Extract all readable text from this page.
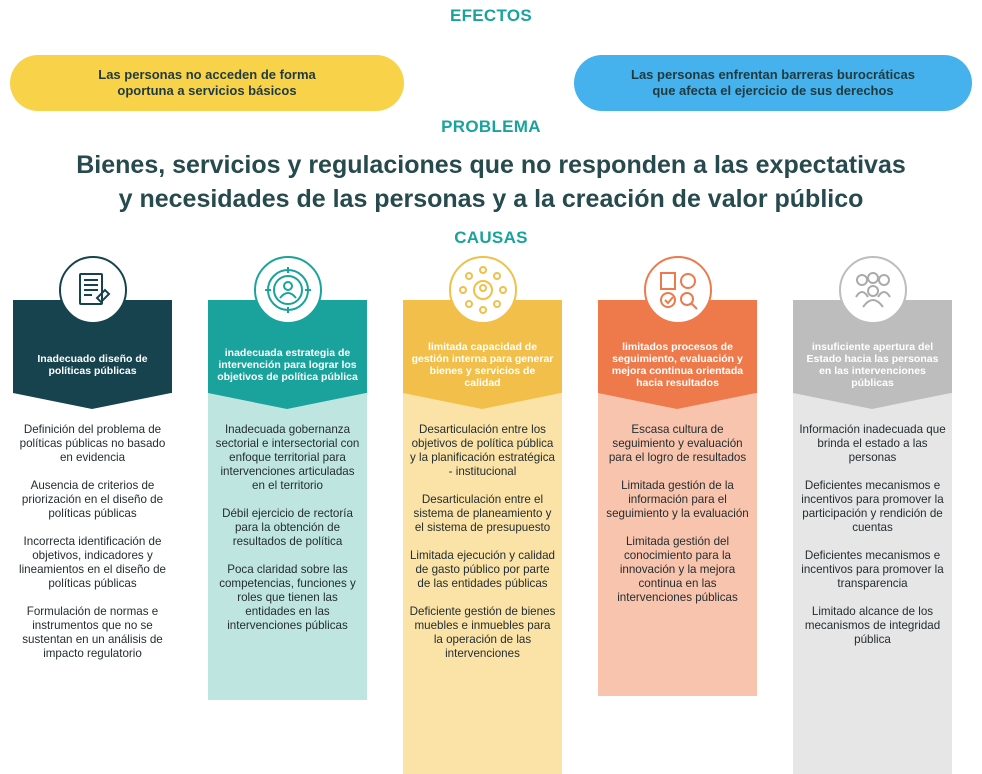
EFECTOS
Las personas no acceden de forma oportuna a servicios básicos
Las personas enfrentan barreras burocráticas que afecta el ejercicio de sus derechos
PROBLEMA
Bienes, servicios y regulaciones que no responden a las expectativas
y necesidades de las personas y a la creación de valor público
CAUSAS
Inadecuado diseño de políticas públicas

Definición del problema de políticas públicas no basado en evidencia

Ausencia de criterios de priorización en el diseño de políticas públicas

Incorrecta identificación de objetivos, indicadores y lineamientos en el diseño de políticas públicas

Formulación de normas e instrumentos que no se sustentan en un análisis de impacto regulatorio

inadecuada estrategia de intervención para lograr los objetivos de política pública

Inadecuada gobernanza sectorial e intersectorial con enfoque territorial para intervenciones articuladas en el territorio

Débil ejercicio de rectoría para la obtención de resultados de política

Poca claridad sobre las competencias, funciones y roles que tienen las entidades en las intervenciones públicas

limitada capacidad de gestión interna para generar bienes y servicios de calidad

Desarticulación entre los objetivos de política pública y la planificación estratégica - institucional

Desarticulación entre el sistema de planeamiento y el sistema de presupuesto

Limitada ejecución y calidad de gasto público por parte de las entidades públicas

Deficiente gestión de bienes muebles e inmuebles para la operación de las intervenciones

limitados procesos de seguimiento, evaluación y mejora continua orientada hacia resultados

Escasa cultura de seguimiento y evaluación para el logro de resultados

Limitada gestión de la información para el seguimiento y la evaluación

Limitada gestión del conocimiento para la innovación y la mejora continua en las intervenciones públicas

insuficiente apertura del Estado hacia las personas en las intervenciones públicas

Información inadecuada que brinda el estado a las personas

Deficientes mecanismos e incentivos para promover la participación y rendición de cuentas

Deficientes mecanismos e incentivos para promover la transparencia

Limitado alcance de los mecanismos de integridad pública
